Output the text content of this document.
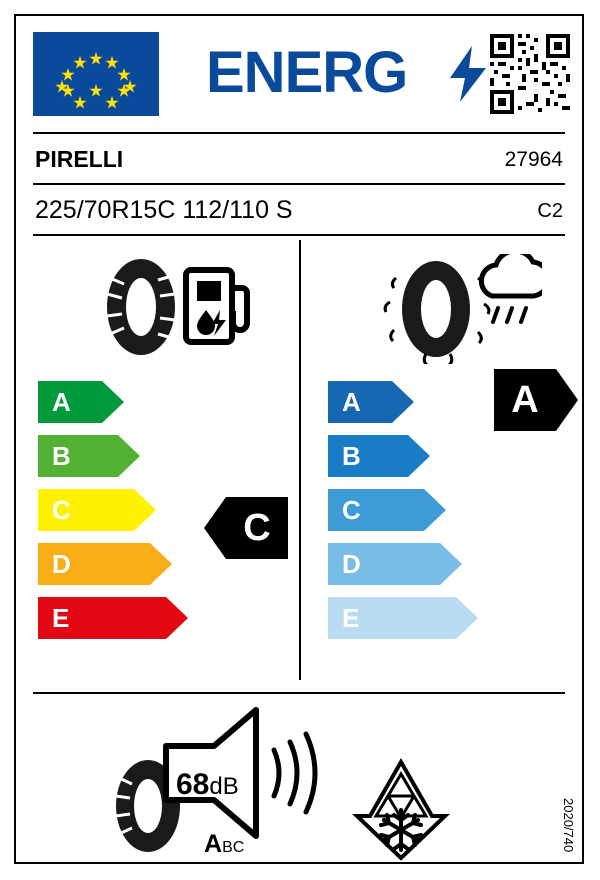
ENERG
PIRELLI	27964
225/70R15C 112/110 S	C2
A
B
C
D
E
C
A
B
C
D
E
A
68dB
ABC	2020/740
